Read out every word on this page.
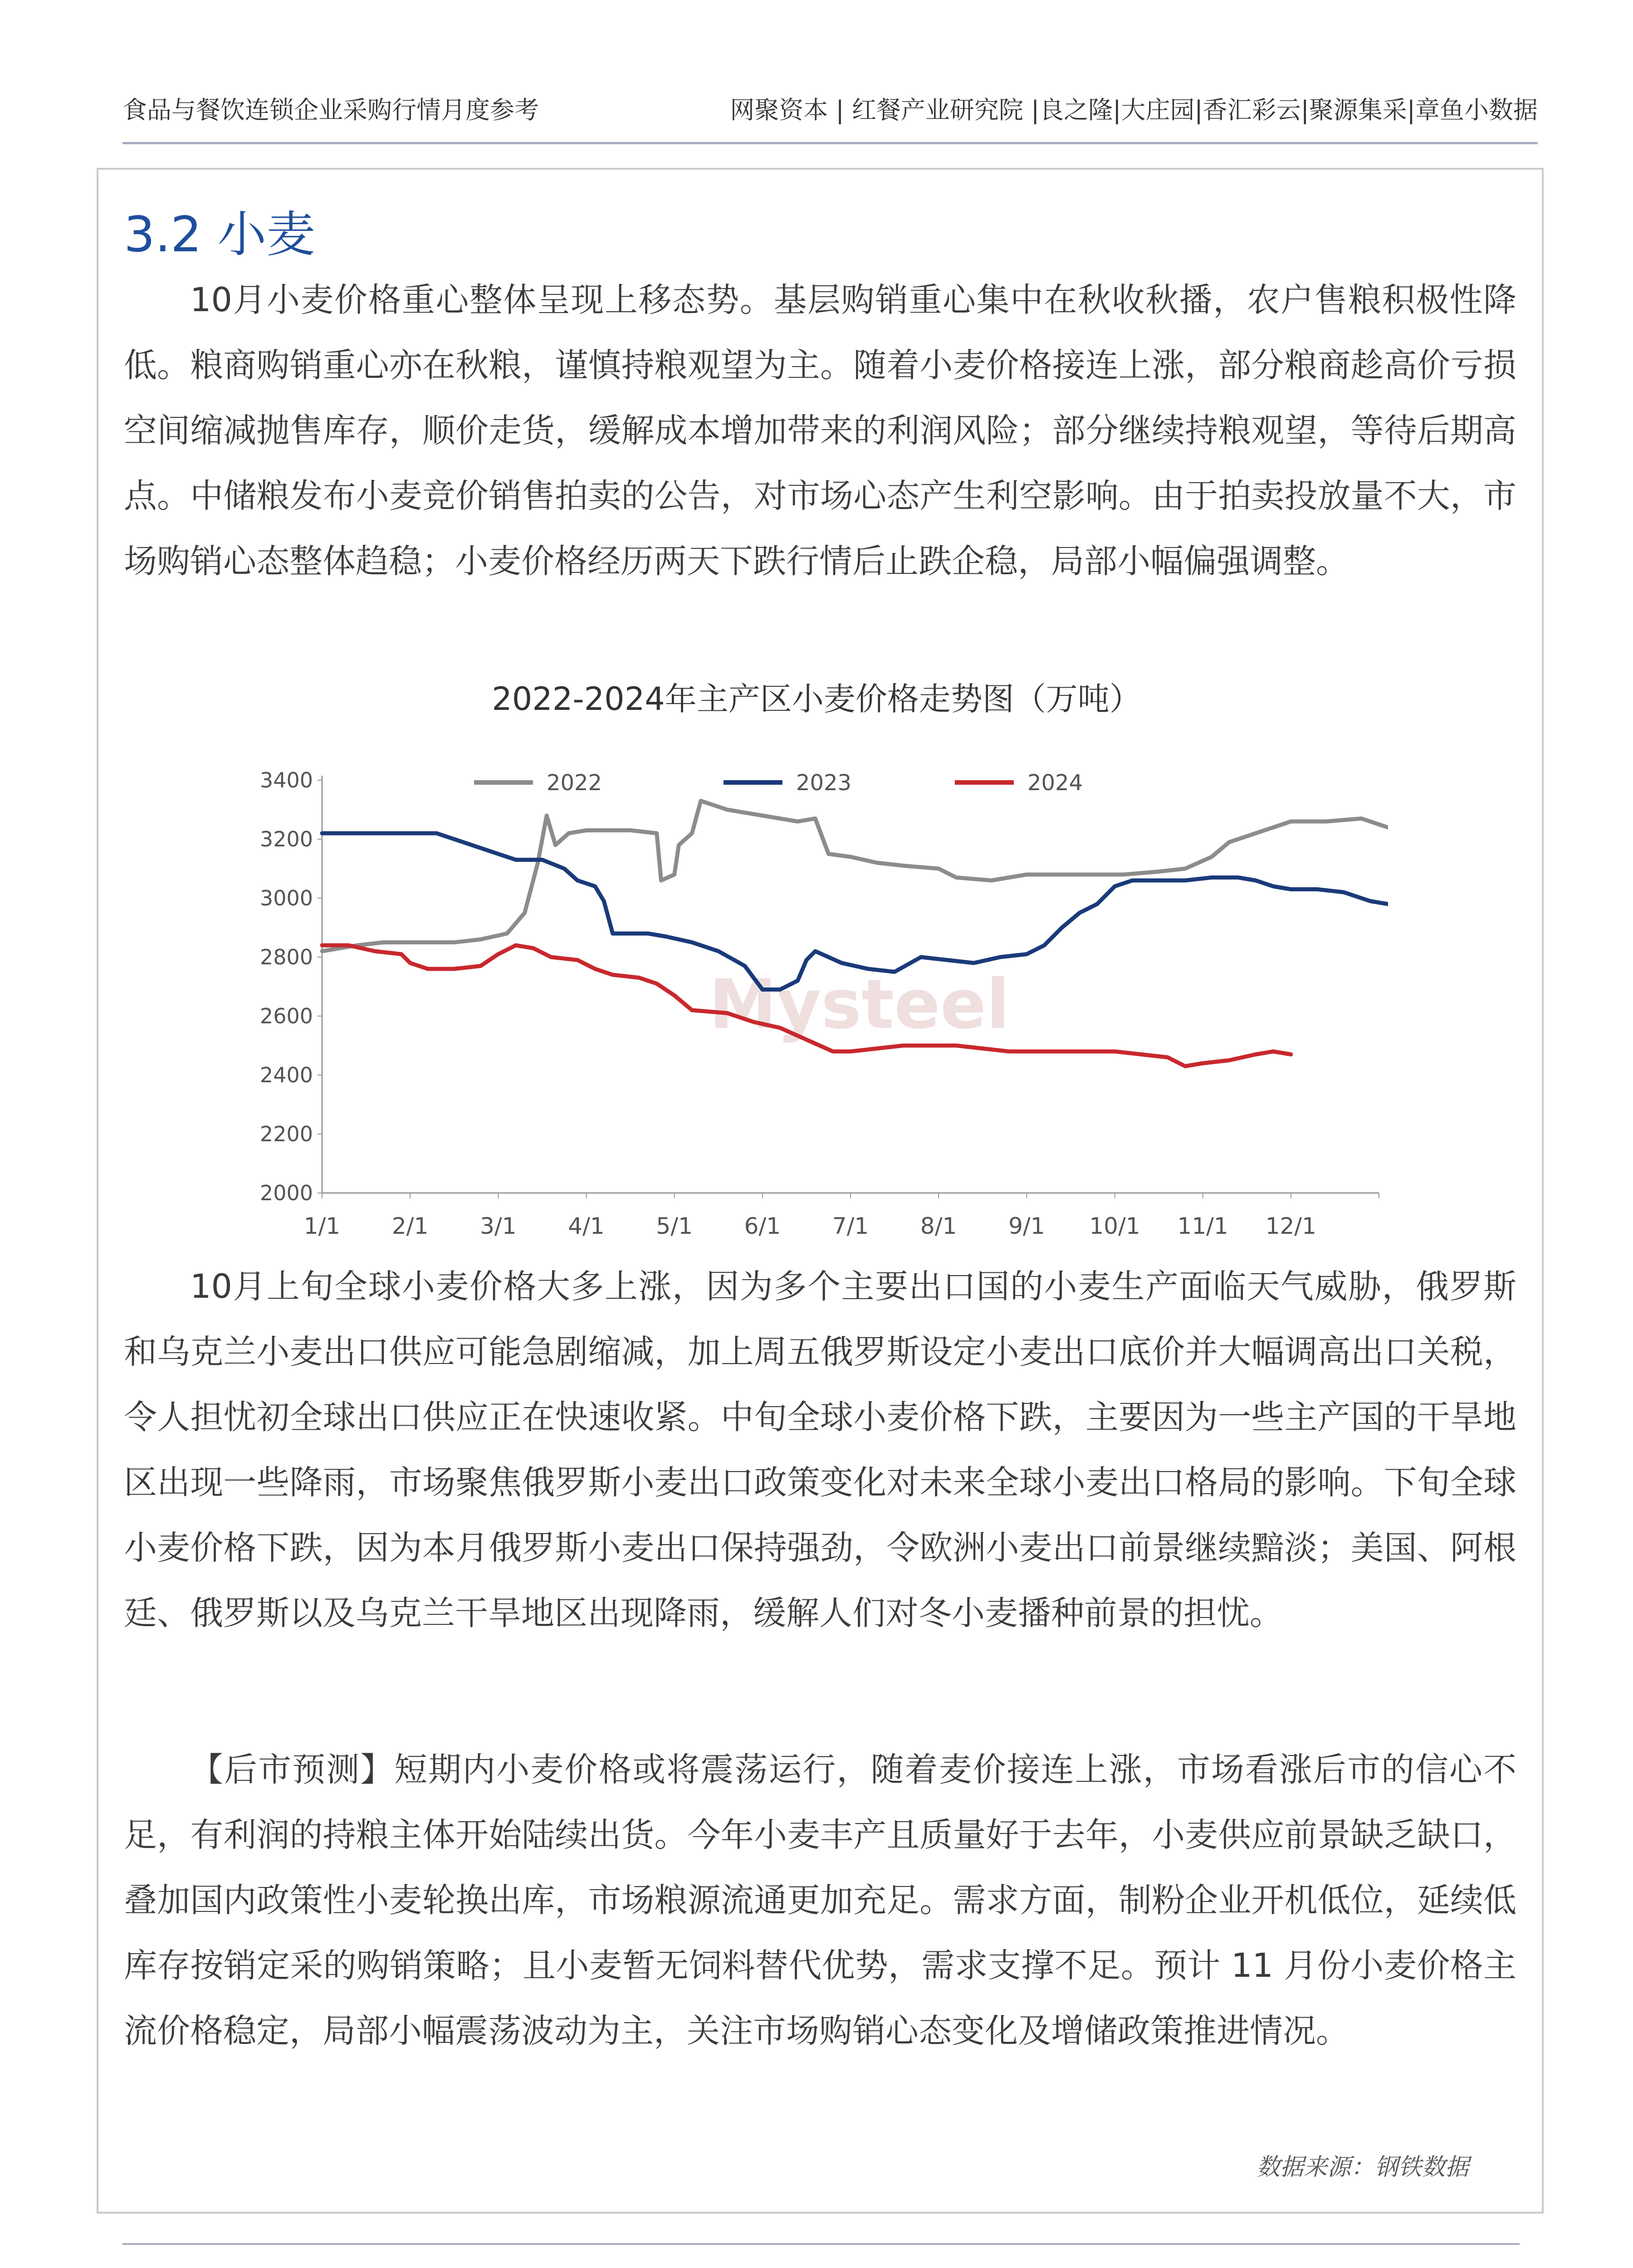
食品与餐饮连锁企业采购行情月度参考	网聚资本 | 红餐产业研究院 |良之隆|大庄园|香汇彩云|聚源集采|章鱼小数据
3.2 小麦

10月小麦价格重心整体呈现上移态势。基层购销重心集中在秋收秋播，农户售粮积极性降低。粮商购销重心亦在秋粮，谨慎持粮观望为主。随着小麦价格接连上涨，部分粮商趁高价亏损空间缩减抛售库存，顺价走货，缓解成本增加带来的利润风险；部分继续持粮观望，等待后期高点。中储粮发布小麦竞价销售拍卖的公告，对市场心态产生利空影响。由于拍卖投放量不大，市场购销心态整体趋稳；小麦价格经历两天下跌行情后止跌企稳，局部小幅偏强调整。

2022-2024年主产区小麦价格走势图（万吨）
Mysteel
2000
2200
2400
2600
2800
3000
3200
3400
1/1 2/1 3/1 4/1 5/1 6/1 7/1 8/1 9/1 10/1 11/1 12/1
2022	2023	2024

10月上旬全球小麦价格大多上涨，因为多个主要出口国的小麦生产面临天气威胁，俄罗斯和乌克兰小麦出口供应可能急剧缩减，加上周五俄罗斯设定小麦出口底价并大幅调高出口关税，令人担忧初全球出口供应正在快速收紧。中旬全球小麦价格下跌，主要因为一些主产国的干旱地区出现一些降雨，市场聚焦俄罗斯小麦出口政策变化对未来全球小麦出口格局的影响。下旬全球小麦价格下跌，因为本月俄罗斯小麦出口保持强劲，令欧洲小麦出口前景继续黯淡；美国、阿根廷、俄罗斯以及乌克兰干旱地区出现降雨，缓解人们对冬小麦播种前景的担忧。

【后市预测】短期内小麦价格或将震荡运行，随着麦价接连上涨，市场看涨后市的信心不足，有利润的持粮主体开始陆续出货。今年小麦丰产且质量好于去年，小麦供应前景缺乏缺口，叠加国内政策性小麦轮换出库，市场粮源流通更加充足。需求方面，制粉企业开机低位，延续低库存按销定采的购销策略；且小麦暂无饲料替代优势，需求支撑不足。预计 11 月份小麦价格主流价格稳定，局部小幅震荡波动为主，关注市场购销心态变化及增储政策推进情况。

数据来源：钢铁数据
